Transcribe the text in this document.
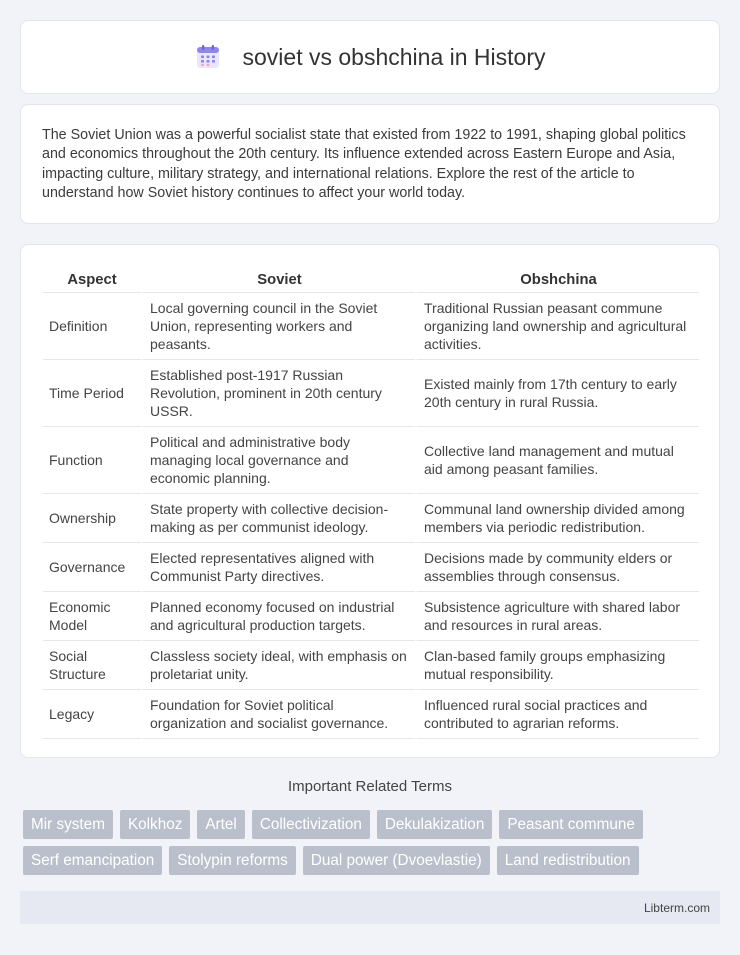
soviet vs obshchina in History

The Soviet Union was a powerful socialist state that existed from 1922 to 1991, shaping global politics and economics throughout the 20th century. Its influence extended across Eastern Europe and Asia, impacting culture, military strategy, and international relations. Explore the rest of the article to understand how Soviet history continues to affect your world today.

Aspect	Soviet	Obshchina
Definition	Local governing council in the Soviet Union, representing workers and peasants.	Traditional Russian peasant commune organizing land ownership and agricultural activities.
Time Period	Established post-1917 Russian Revolution, prominent in 20th century USSR.	Existed mainly from 17th century to early 20th century in rural Russia.
Function	Political and administrative body managing local governance and economic planning.	Collective land management and mutual aid among peasant families.
Ownership	State property with collective decision-making as per communist ideology.	Communal land ownership divided among members via periodic redistribution.
Governance	Elected representatives aligned with Communist Party directives.	Decisions made by community elders or assemblies through consensus.
Economic Model	Planned economy focused on industrial and agricultural production targets.	Subsistence agriculture with shared labor and resources in rural areas.
Social Structure	Classless society ideal, with emphasis on proletariat unity.	Clan-based family groups emphasizing mutual responsibility.
Legacy	Foundation for Soviet political organization and socialist governance.	Influenced rural social practices and contributed to agrarian reforms.
Important Related Terms
Mir system	Kolkhoz	Artel	Collectivization	Dekulakization	Peasant commune
Serf emancipation	Stolypin reforms	Dual power (Dvoevlastie)	Land redistribution
Libterm.com
